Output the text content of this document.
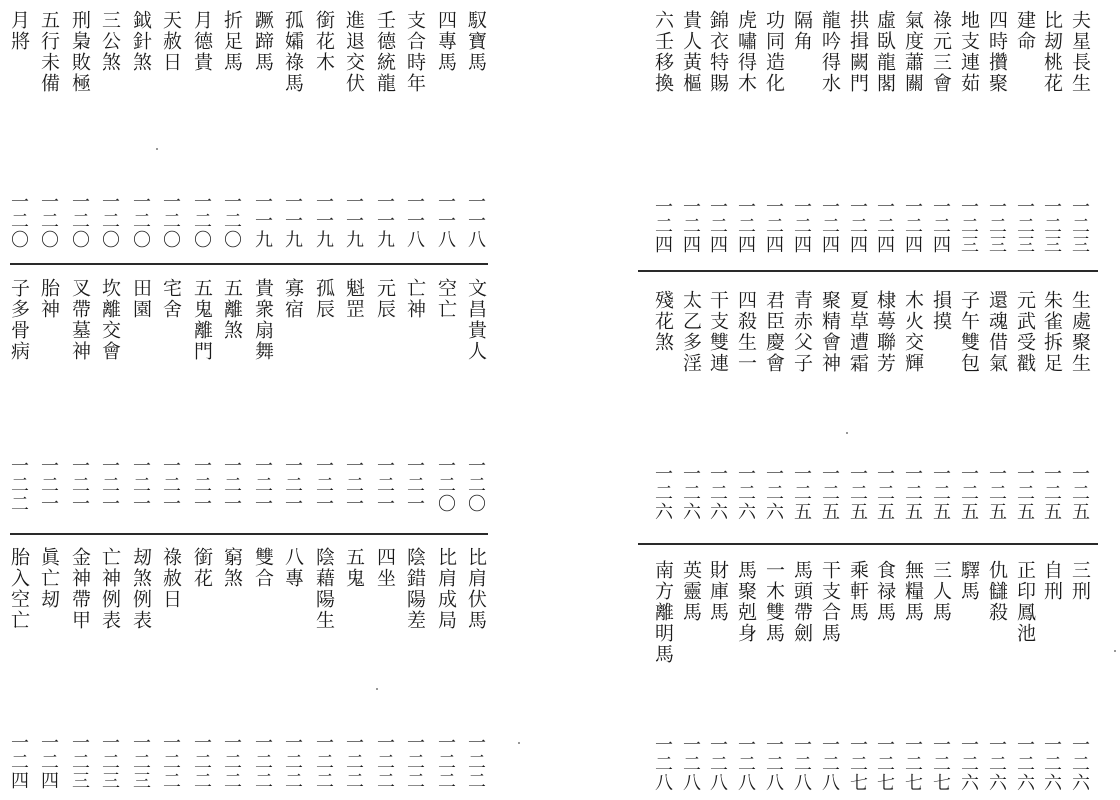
馭寶馬
四專馬
支合時年
壬德統龍
進退交伏
銜花木
孤孀祿馬
蹶蹄馬
折足馬
月德貴
天赦日
鉞針煞
三公煞
刑梟敗極
五行未備
月將
一一八
一一八
一一八
一一九
一一九
一一九
一一九
一一九
一二〇
一二〇
一二〇
一二〇
一二〇
一二〇
一二〇
一二〇
文昌貴人
空亡
亡神
元辰
魁罡
孤辰
寡宿
貴衆扇舞
五離煞
五鬼離門
宅舍
田園
坎離交會
叉帶墓神
胎神
子多骨病
一二〇
一二〇
一二一
一二一
一二一
一二一
一二一
一二一
一二一
一二一
一二一
一二一
一二一
一二一
一二一
一二二
比肩伏馬
比肩成局
陰錯陽差
四坐
五鬼
陰藉陽生
八專
雙合
窮煞
銜花
祿赦日
刼煞例表
亡神例表
金神帶甲
眞亡刼
胎入空亡
一二二
一二二
一二二
一二二
一二二
一二二
一二二
一二二
一二二
一二二
一二二
一二三
一二三
一二三
一二四
一二四
夫星長生
比刼桃花
建命
四時攢聚
地支連茹
祿元三會
氣度蕭關
虛臥龍閣
拱揖闕門
龍吟得水
隔角
功同造化
虎嘯得木
錦衣特賜
貴人黃樞
六壬移換
一二三
一二三
一二三
一二三
一二三
一二四
一二四
一二四
一二四
一二四
一二四
一二四
一二四
一二四
一二四
一二四
生處聚生
朱雀拆足
元武受戳
還魂借氣
子午雙包
損摸
木火交輝
棣蕚聯芳
夏草遭霜
聚精會神
青赤父子
君臣慶會
四殺生一
干支雙連
太乙多淫
殘花煞
一二五
一二五
一二五
一二五
一二五
一二五
一二五
一二五
一二五
一二五
一二五
一二六
一二六
一二六
一二六
一二六
三刑
自刑
正印鳳池
仇讎殺
驛馬
三人馬
無糧馬
食禄馬
乘軒馬
干支合馬
馬頭帶劍
一木雙馬
馬聚剋身
財庫馬
英靈馬
南方離明馬
一二六
一二六
一二六
一二六
一二六
一二七
一二七
一二七
一二七
一二八
一二八
一二八
一二八
一二八
一二八
一二八
